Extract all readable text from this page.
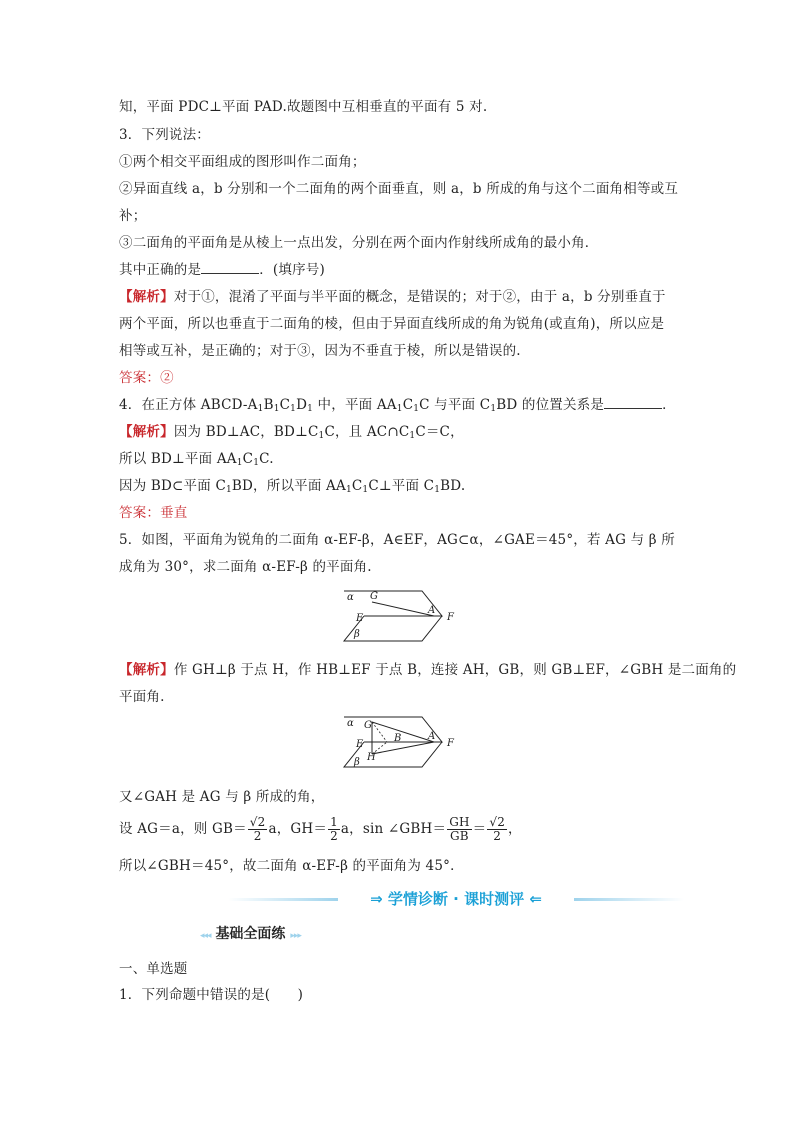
知，平面 PDC⊥平面 PAD.故题图中互相垂直的平面有 5 对.
3．下列说法：
①两个相交平面组成的图形叫作二面角；
②异面直线 a，b 分别和一个二面角的两个面垂直，则 a，b 所成的角与这个二面角相等或互
补；
③二面角的平面角是从棱上一点出发，分别在两个面内作射线所成角的最小角．
其中正确的是	．(填序号)
【解析】对于①，混淆了平面与半平面的概念，是错误的；对于②，由于 a，b 分别垂直于
两个平面，所以也垂直于二面角的棱，但由于异面直线所成的角为锐角(或直角)，所以应是
相等或互补，是正确的；对于③，因为不垂直于棱，所以是错误的.
答案：②
4．在正方体 ABCD-$A_1B_1C_1D_1$ 中，平面 $AA_1C_1C$ 与平面 $C_1BD$ 的位置关系是	．
【解析】因为 BD⊥AC，$BD\perp C_1C$，且 $AC\cap C_1C=C$，
所以 BD⊥平面 $AA_1C_1C$.
因为 BD⊂平面 $C_1BD$，所以平面 $AA_1C_1C\perp$平面 $C_1BD$.
答案：垂直
5．如图，平面角为锐角的二面角 α-EF-β，A∈EF，AG⊂α，∠GAE＝45°，若 AG 与 β 所
成角为 30°，求二面角 α-EF-β 的平面角.
α G
A
E	F
β
【解析】作 GH⊥β 于点 H，作 HB⊥EF 于点 B，连接 AH，GB，则 GB⊥EF，∠GBH 是二面角的
平面角.
α G
B	A
E
H
F
β
又∠GAH 是 AG 与 β 所成的角，
设 AG＝a，则 $GB= \frac{√2}{2}$ a，$GH= \frac{1}{2}$ a，sin ∠GBH＝ $\frac{GH}{GB} = \frac{√2}{2}$ ，
所以∠GBH＝45°，故二面角 α-EF-β 的平面角为 45°．
⇒ 学情诊断 · 课时测评 ⇐
◂◂◂ 基础全面练 ▸▸▸
一、单选题
1．下列命题中错误的是(　　)
